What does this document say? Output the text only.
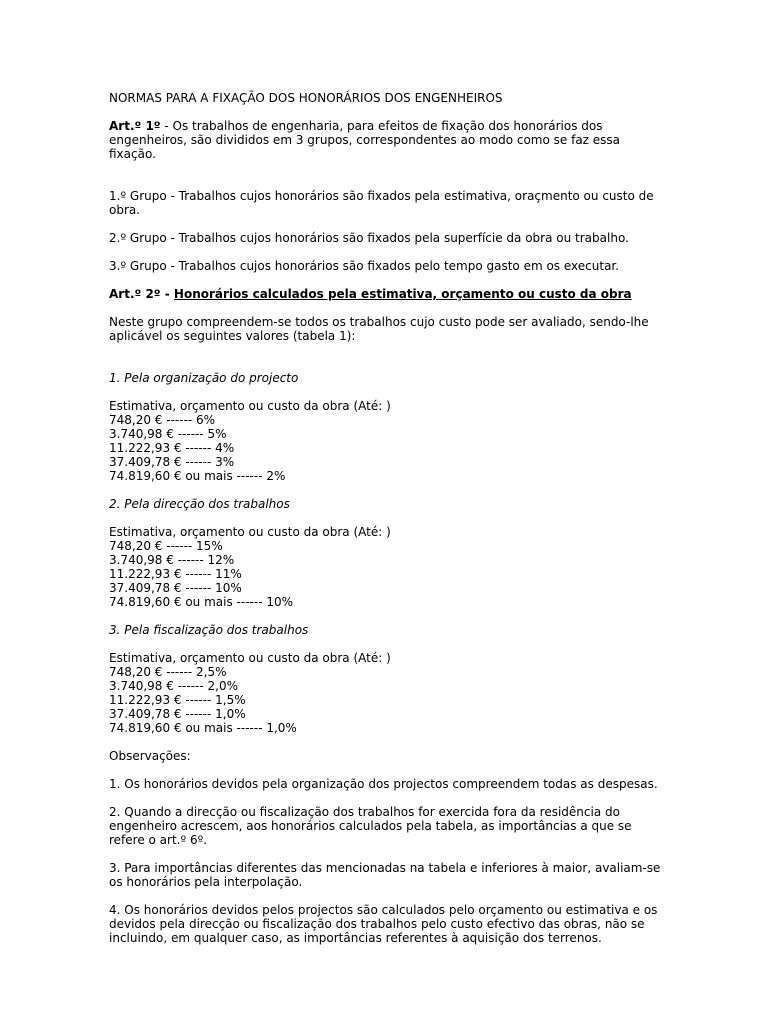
NORMAS PARA A FIXAÇÃO DOS HONORÁRIOS DOS ENGENHEIROS

Art.º 1º - Os trabalhos de engenharia, para efeitos de fixação dos honorários dos engenheiros, são divididos em 3 grupos, correspondentes ao modo como se faz essa fixação.

1.º Grupo - Trabalhos cujos honorários são fixados pela estimativa, oraçmento ou custo de obra.

2.º Grupo - Trabalhos cujos honorários são fixados pela superfície da obra ou trabalho.

3.º Grupo - Trabalhos cujos honorários são fixados pelo tempo gasto em os executar.

Art.º 2º - Honorários calculados pela estimativa, orçamento ou custo da obra

Neste grupo compreendem-se todos os trabalhos cujo custo pode ser avaliado, sendo-lhe aplicável os seguintes valores (tabela 1):

1. Pela organização do projecto

Estimativa, orçamento ou custo da obra (Até: )

748,20 € ------ 6%
3.740,98 € ------ 5%
11.222,93 € ------ 4%
37.409,78 € ------ 3%
74.819,60 € ou mais ------ 2%

2. Pela direcção dos trabalhos

Estimativa, orçamento ou custo da obra (Até: )

748,20 € ------ 15%
3.740,98 € ------ 12%
11.222,93 € ------ 11%
37.409,78 € ------ 10%
74.819,60 € ou mais ------ 10%

3. Pela fiscalização dos trabalhos

Estimativa, orçamento ou custo da obra (Até: )

748,20 € ------ 2,5%
3.740,98 € ------ 2,0%
11.222,93 € ------ 1,5%
37.409,78 € ------ 1,0%
74.819,60 € ou mais ------ 1,0%

Observações:

1. Os honorários devidos pela organização dos projectos compreendem todas as despesas.

2. Quando a direcção ou fiscalização dos trabalhos for exercida fora da residência do engenheiro acrescem, aos honorários calculados pela tabela, as importâncias a que se refere o art.º 6º.

3. Para importâncias diferentes das mencionadas na tabela e inferiores à maior, avaliam-se os honorários pela interpolação.

4. Os honorários devidos pelos projectos são calculados pelo orçamento ou estimativa e os devidos pela direcção ou fiscalização dos trabalhos pelo custo efectivo das obras, não se incluindo, em qualquer caso, as importâncias referentes à aquisição dos terrenos.
